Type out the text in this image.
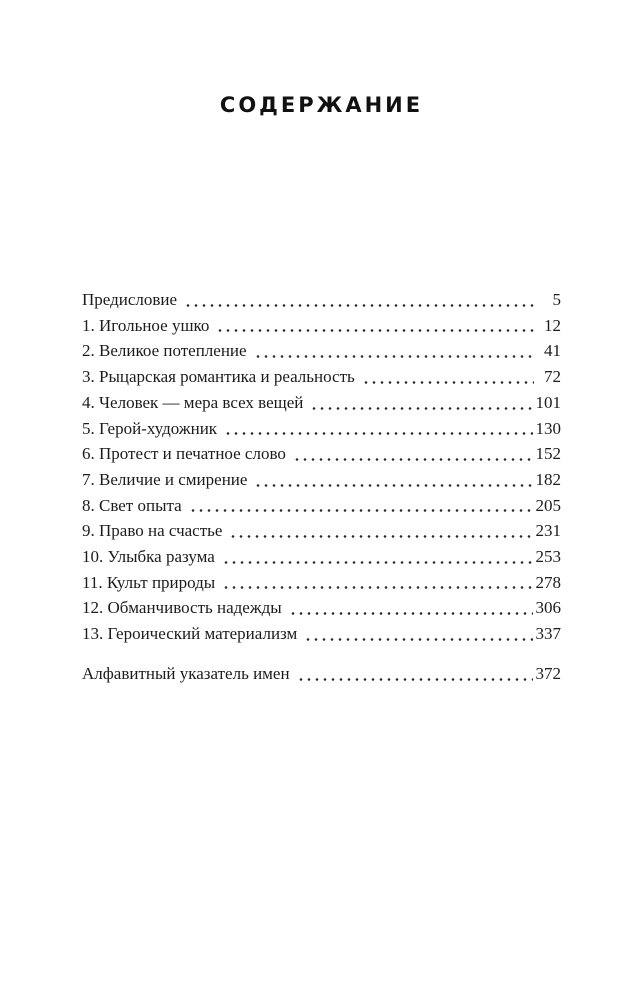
СОДЕРЖАНИЕ
Предисловие	5
1. Игольное ушко	12
2. Великое потепление	41
3. Рыцарская романтика и реальность	72
4. Человек — мера всех вещей	101
5. Герой-художник	130
6. Протест и печатное слово	152
7. Величие и смирение	182
8. Свет опыта	205
9. Право на счастье	231
10. Улыбка разума	253
11. Культ природы	278
12. Обманчивость надежды	306
13. Героический материализм	337
Алфавитный указатель имен	372
